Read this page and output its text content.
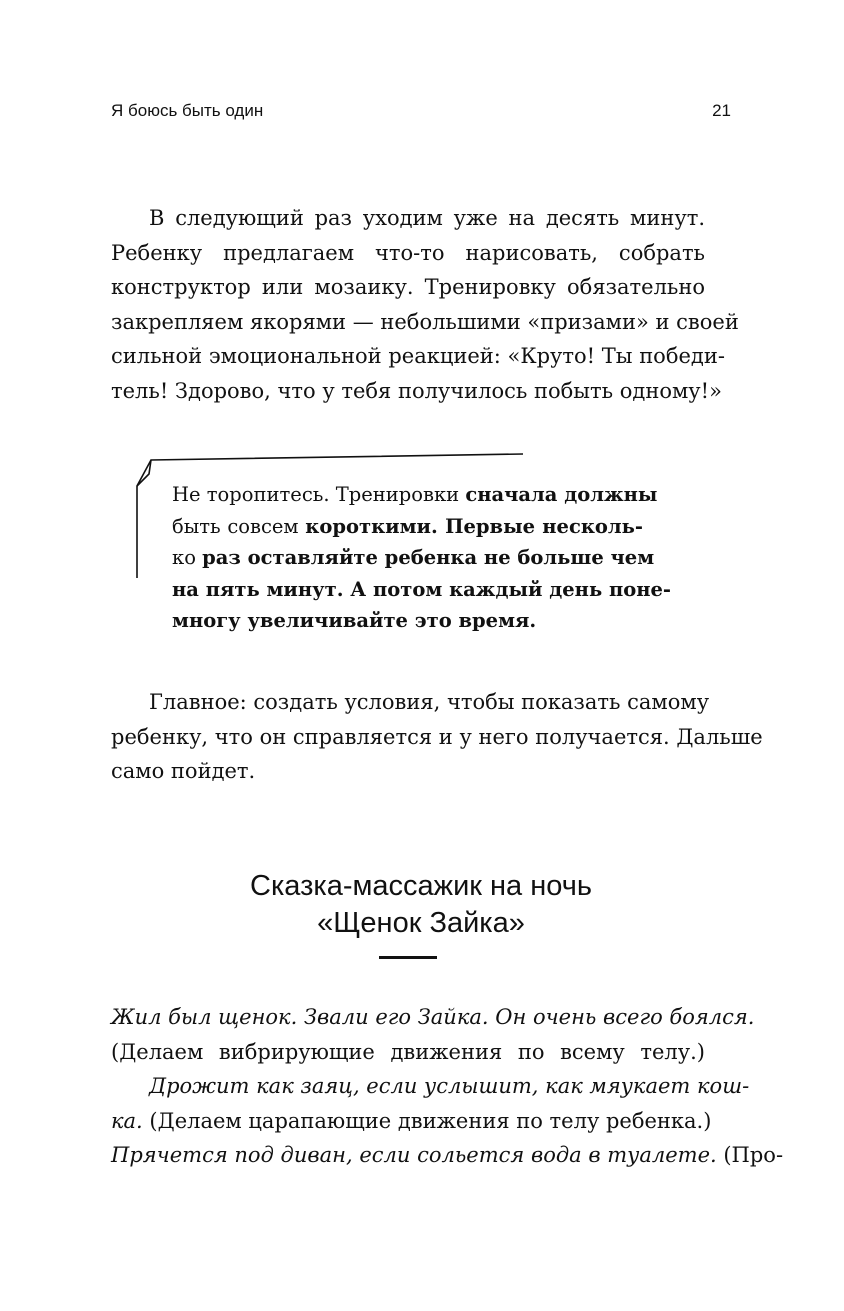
Я боюсь быть один	21
В следующий раз уходим уже на десять минут.
Ребенку предлагаем что-то нарисовать, собрать
конструктор или мозаику. Тренировку обязательно
закрепляем якорями — небольшими «призами» и своей
сильной эмоциональной реакцией: «Круто! Ты победи-
тель! Здорово, что у тебя получилось побыть одному!»
Не торопитесь. Тренировки сначала должны
быть совсем короткими. Первые несколь-
ко раз оставляйте ребенка не больше чем
на пять минут. А потом каждый день поне-
многу увеличивайте это время.
Главное: создать условия, чтобы показать самому
ребенку, что он справляется и у него получается. Дальше
само пойдет.
Сказка-массажик на ночь
«Щенок Зайка»
Жил был щенок. Звали его Зайка. Он очень всего боялся.
(Делаем вибрирующие движения по всему телу.)
Дрожит как заяц, если услышит, как мяукает кош-
ка. (Делаем царапающие движения по телу ребенка.)
Прячется под диван, если сольется вода в туалете. (Про-
